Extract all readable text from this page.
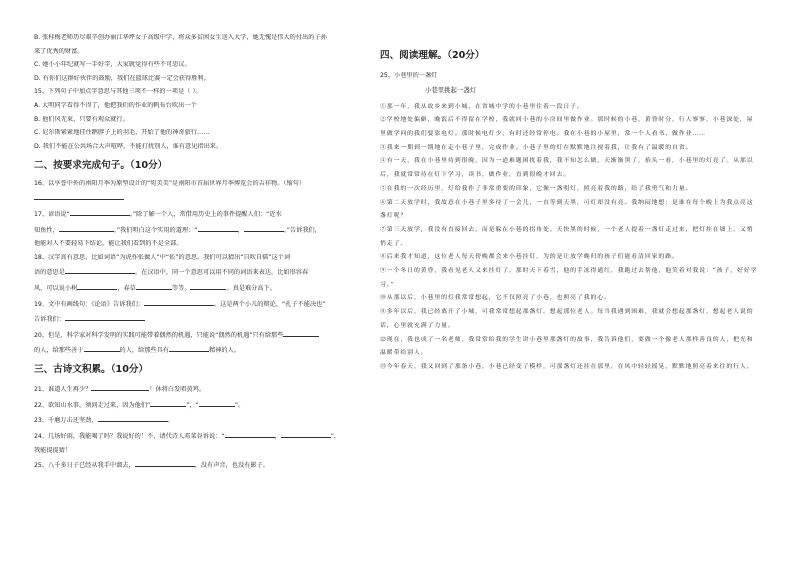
B. 张桂梅老师历尽艰辛创办丽江华坪女子高级中学，将众多贫困女生送入大学，她无愧是伟大的付出的子孙
来了优秀的财富。
C. 她小小年纪就写一手好字，大家就觉得有些不可思议。
D. 有你们这群好伙伴的鼓励，我们在篮球比赛一定会获得胜利。
15、下列句子中加点字意思与其他三项不一样的一项是（ ）。
A. 大明同学看得不得了，他把我们的作业的帆布台吹出一个
B. 他们风无束，只要有观众就行。
C. 尼尔斯紧紧地挂住鹅脖子上的羽毛，开始了他的神奇旅行……
D. 我们不能在公共场合大声喧哗，不能打扰别人，谁有意见指出来。
二、按要求完成句子。（10分）
16、以享誉中外的南阳月季为原型设计的“宛美美”是南阳市首届世界月季博览会的吉祥物。（缩句）
17、谚语说“	。”除了解一个人，常借用历史上的事件提醒人们：“近水
知鱼性，	。”我们明白这个实用的道理：“	，	。”告诉我们，
他能对人不要轻易下结论，能让我们看到的不是全部。
18、汉字真有意思，比如词语“为虎作伥做人”中“伥”的意思。我们可以猜出“自吹自擂”这个词
语的意思是	。在汉语中，同一个意思可以用不同的词语来表达，比如形容春
风，可以说小树	，春草	等等。	。真是难分高下。
19、文中有画线句：《论语》告诉我们：	。这是两个小儿的辩论，“孔子不能决也”
告诉我们：
20、但是，科学家对科学发明的实践可能带着偶然的机遇，只能说“偶然的机遇”只有给那些
的人，给那些善于	的人，给那些具有	精神的人。
三、古诗文积累。（10分）
21、谁道人生再少？	！休将白发唱黄鸡。
22、欲知山水事，须问走过来，因为他们“	”，“	”。
23、千磨万击还坚劲，	。
24、几场好雨，我能喝了吗？我说好的！不，请代诗人邓菜谷诉说：“	，	”，
我能提提猜！
25、八千多日子已经从我手中溜去，	，没有声音，也没有影子。
四、阅读理解。（20分）
25、小巷里的一盏灯
小巷里挑起一盏灯

①那一年，我从故乡来到小城，在省城中学的小巷里住着一段日子。

②学校地处偏僻，晚饭后不得留在学校，我就回小巷的小房间里做作业。那时候的小巷，黄昏时分，行人寥寥，小巷深处，屋里做学问的我们要靠电灯。那时候电灯少，有时还经常停电。我在小巷的小屋里，常一个人看书、做作业……

③我来一期到一期地在走小巷子里，完成作业。小巷子里的灯在默默地注视着我，让我有了温暖的自省。

④有一天，我在小巷里待到很晚，因为一道难题困扰着我，我不知怎么做，天渐渐黑了，抬头一看，小巷里的灯亮了。从那以后，我就常常待在灯下学习，读书，做作业，直到很晚才回去。

⑤在我的一次经历里，灯给我作了非常重要的印象，它像一盏明灯，照亮着我的路，给了我勇气和力量。

⑥第二天放学时，我故意在小巷子里多待了一会儿，一直等到天黑，可灯却没有亮。我纳闷地想：是谁在每个晚上为我点亮这盏灯呢？

⑦第三天放学，我没有直接回去，而是躲在小巷的拐角处。天快黑的时候，一个老人提着一盏灯走过来，把灯挂在墙上，又悄悄走了。

⑧后来我才知道，这位老人每天傍晚都会来小巷挂灯，为的是让放学晚归的孩子们能看清回家的路。

⑨一个冬日的黄昏，我看见老人又来挂灯了，那时天下着雪，他的手冻得通红，我跑过去帮他，他笑着对我说：“孩子，好好学习。”

⑩从那以后，小巷里的灯我常常想起，它不仅照亮了小巷，也照亮了我的心。

⑪多年以后，我已经离开了小城，可我常常想起那盏灯，想起那位老人。每当我遇到困难，我就会想起那盏灯，想起老人说的话，心里就充满了力量。

⑫现在，我也成了一名老师，我常常给我的学生讲小巷里那盏灯的故事，我告诉他们，要做一个像老人那样善良的人，把光和温暖带给别人。

⑬今年春天，我又回到了那条小巷，小巷已经变了模样，可那盏灯还挂在那里，在风中轻轻摇晃，默默地照亮着来往的行人。
